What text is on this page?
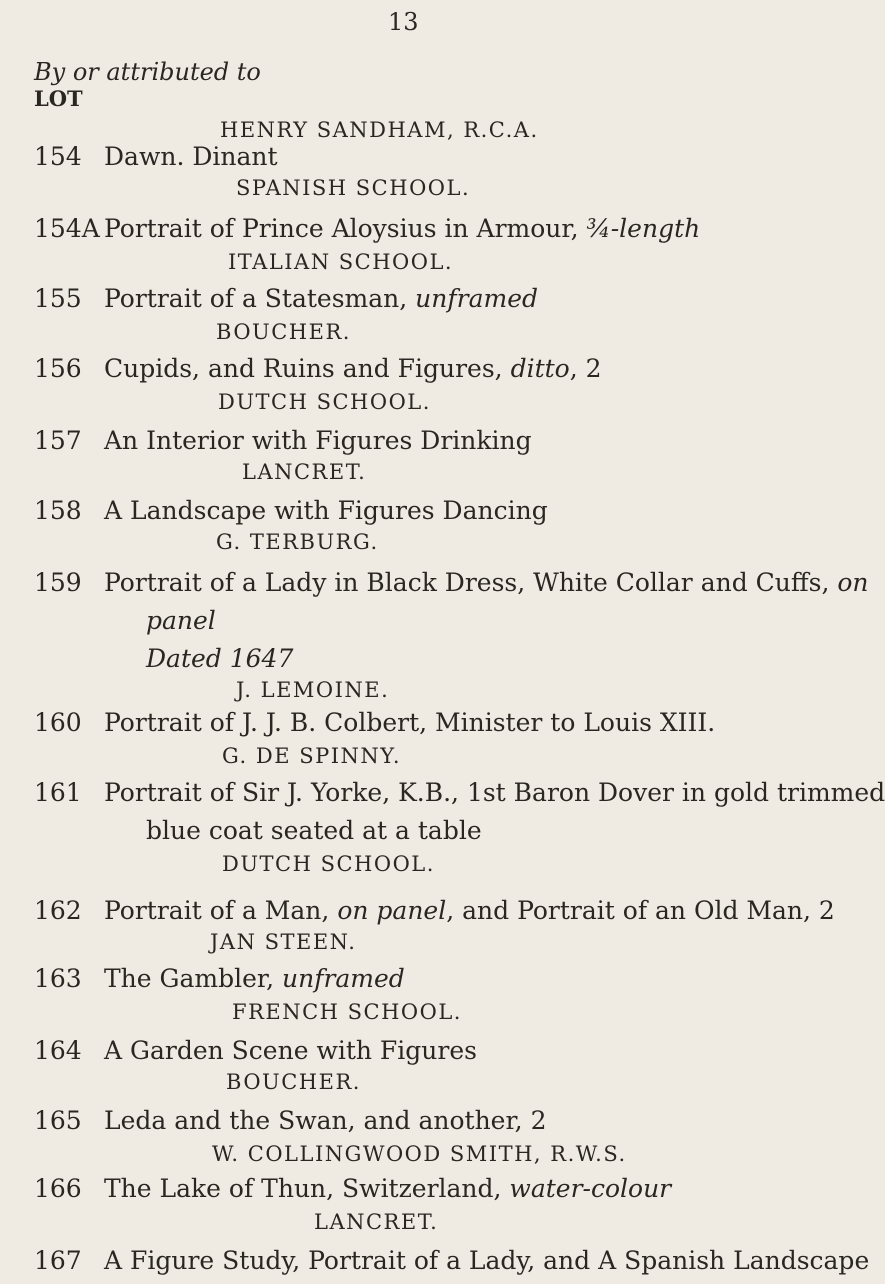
13
By or attributed to
LOT
HENRY SANDHAM, R.C.A.
154 Dawn. Dinant
SPANISH SCHOOL.
154A Portrait of Prince Aloysius in Armour, ¾-length
ITALIAN SCHOOL.
155 Portrait of a Statesman, unframed
BOUCHER.
156 Cupids, and Ruins and Figures, ditto, 2
DUTCH SCHOOL.
157 An Interior with Figures Drinking
LANCRET.
158 A Landscape with Figures Dancing
G. TERBURG.
159 Portrait of a Lady in Black Dress, White Collar and Cuffs, on
panel
Dated 1647
J. LEMOINE.
160 Portrait of J. J. B. Colbert, Minister to Louis XIII.
G. DE SPINNY.
161 Portrait of Sir J. Yorke, K.B., 1st Baron Dover in gold trimmed
blue coat seated at a table
DUTCH SCHOOL.
162 Portrait of a Man, on panel, and Portrait of an Old Man, 2
JAN STEEN.
163 The Gambler, unframed
FRENCH SCHOOL.
164 A Garden Scene with Figures
BOUCHER.
165 Leda and the Swan, and another, 2
W. COLLINGWOOD SMITH, R.W.S.
166 The Lake of Thun, Switzerland, water-colour
LANCRET.
167 A Figure Study, Portrait of a Lady, and A Spanish Landscape
